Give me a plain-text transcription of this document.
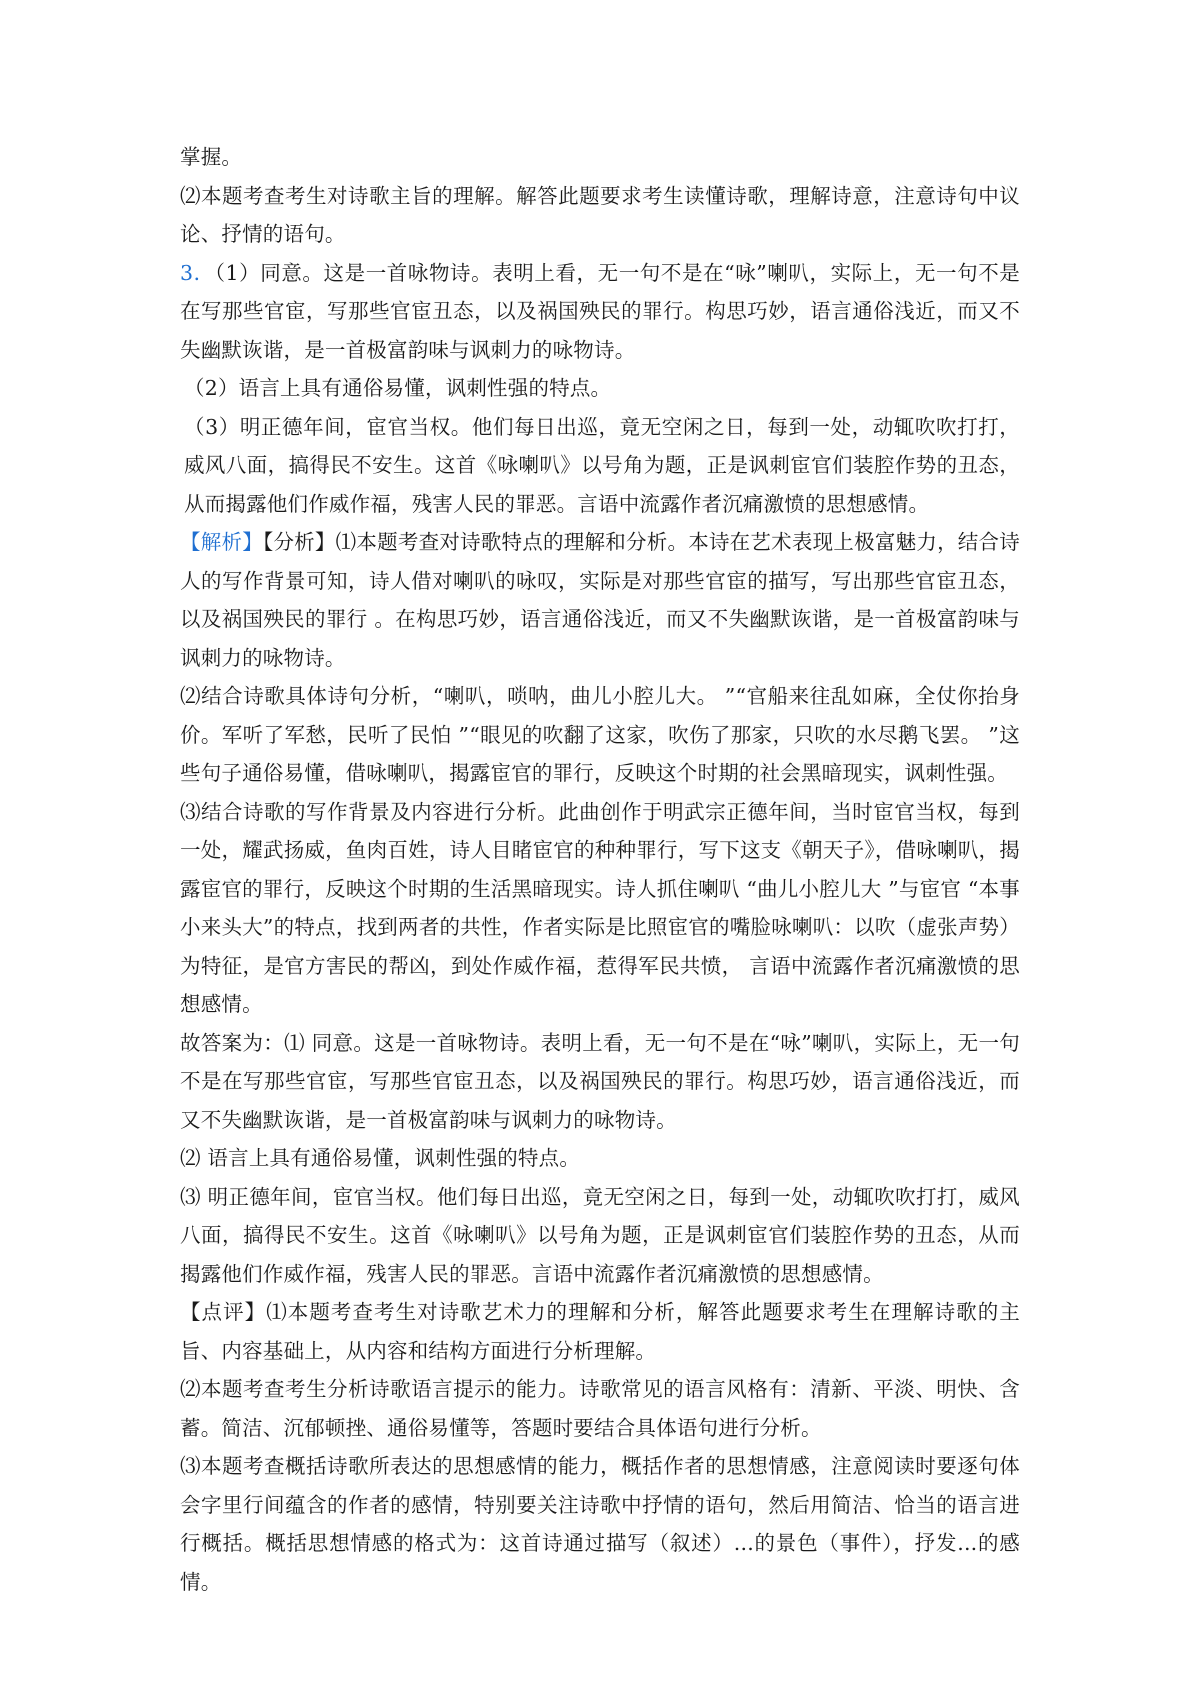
掌握。

⑵本题考查考生对诗歌主旨的理解。解答此题要求考生读懂诗歌，理解诗意，注意诗句中议论、抒情的语句。

3．（1）同意。这是一首咏物诗。表明上看，无一句不是在“咏”喇叭，实际上，无一句不是在写那些官宦，写那些官宦丑态，以及祸国殃民的罪行。构思巧妙，语言通俗浅近，而又不失幽默诙谐，是一首极富韵味与讽刺力的咏物诗。

（2）语言上具有通俗易懂，讽刺性强的特点。

（3）明正德年间，宦官当权。他们每日出巡，竟无空闲之日，每到一处，动辄吹吹打打，威风八面，搞得民不安生。这首《咏喇叭》以号角为题，正是讽刺宦官们装腔作势的丑态，从而揭露他们作威作福，残害人民的罪恶。言语中流露作者沉痛激愤的思想感情。

【解析】【分析】⑴本题考查对诗歌特点的理解和分析。本诗在艺术表现上极富魅力，结合诗人的写作背景可知，诗人借对喇叭的咏叹，实际是对那些官宦的描写，写出那些官宦丑态，以及祸国殃民的罪行 。在构思巧妙，语言通俗浅近，而又不失幽默诙谐，是一首极富韵味与讽刺力的咏物诗。

⑵结合诗歌具体诗句分析，“喇叭，唢呐，曲儿小腔儿大。 ”“官船来往乱如麻，全仗你抬身价。军听了军愁，民听了民怕 ”“眼见的吹翻了这家，吹伤了那家，只吹的水尽鹅飞罢。 ”这些句子通俗易懂，借咏喇叭，揭露宦官的罪行，反映这个时期的社会黑暗现实，讽刺性强。

⑶结合诗歌的写作背景及内容进行分析。此曲创作于明武宗正德年间，当时宦官当权，每到一处，耀武扬威，鱼肉百姓，诗人目睹宦官的种种罪行，写下这支《朝天子》，借咏喇叭，揭露宦官的罪行，反映这个时期的生活黑暗现实。诗人抓住喇叭 “曲儿小腔儿大 ”与宦官 “本事小来头大”的特点，找到两者的共性，作者实际是比照宦官的嘴脸咏喇叭：以吹（虚张声势）为特征，是官方害民的帮凶，到处作威作福，惹得军民共愤， 言语中流露作者沉痛激愤的思想感情。

故答案为：⑴ 同意。这是一首咏物诗。表明上看，无一句不是在“咏”喇叭，实际上，无一句不是在写那些官宦，写那些官宦丑态，以及祸国殃民的罪行。构思巧妙，语言通俗浅近，而又不失幽默诙谐，是一首极富韵味与讽刺力的咏物诗。

⑵ 语言上具有通俗易懂，讽刺性强的特点。

⑶ 明正德年间，宦官当权。他们每日出巡，竟无空闲之日，每到一处，动辄吹吹打打，威风八面，搞得民不安生。这首《咏喇叭》以号角为题，正是讽刺宦官们装腔作势的丑态，从而揭露他们作威作福，残害人民的罪恶。言语中流露作者沉痛激愤的思想感情。

【点评】⑴本题考查考生对诗歌艺术力的理解和分析，解答此题要求考生在理解诗歌的主旨、内容基础上，从内容和结构方面进行分析理解。

⑵本题考查考生分析诗歌语言提示的能力。诗歌常见的语言风格有：清新、平淡、明快、含蓄。简洁、沉郁顿挫、通俗易懂等，答题时要结合具体语句进行分析。

⑶本题考查概括诗歌所表达的思想感情的能力，概括作者的思想情感，注意阅读时要逐句体会字里行间蕴含的作者的感情，特别要关注诗歌中抒情的语句，然后用简洁、恰当的语言进行概括。概括思想情感的格式为：这首诗通过描写（叙述）...的景色（事件），抒发...的感情。
